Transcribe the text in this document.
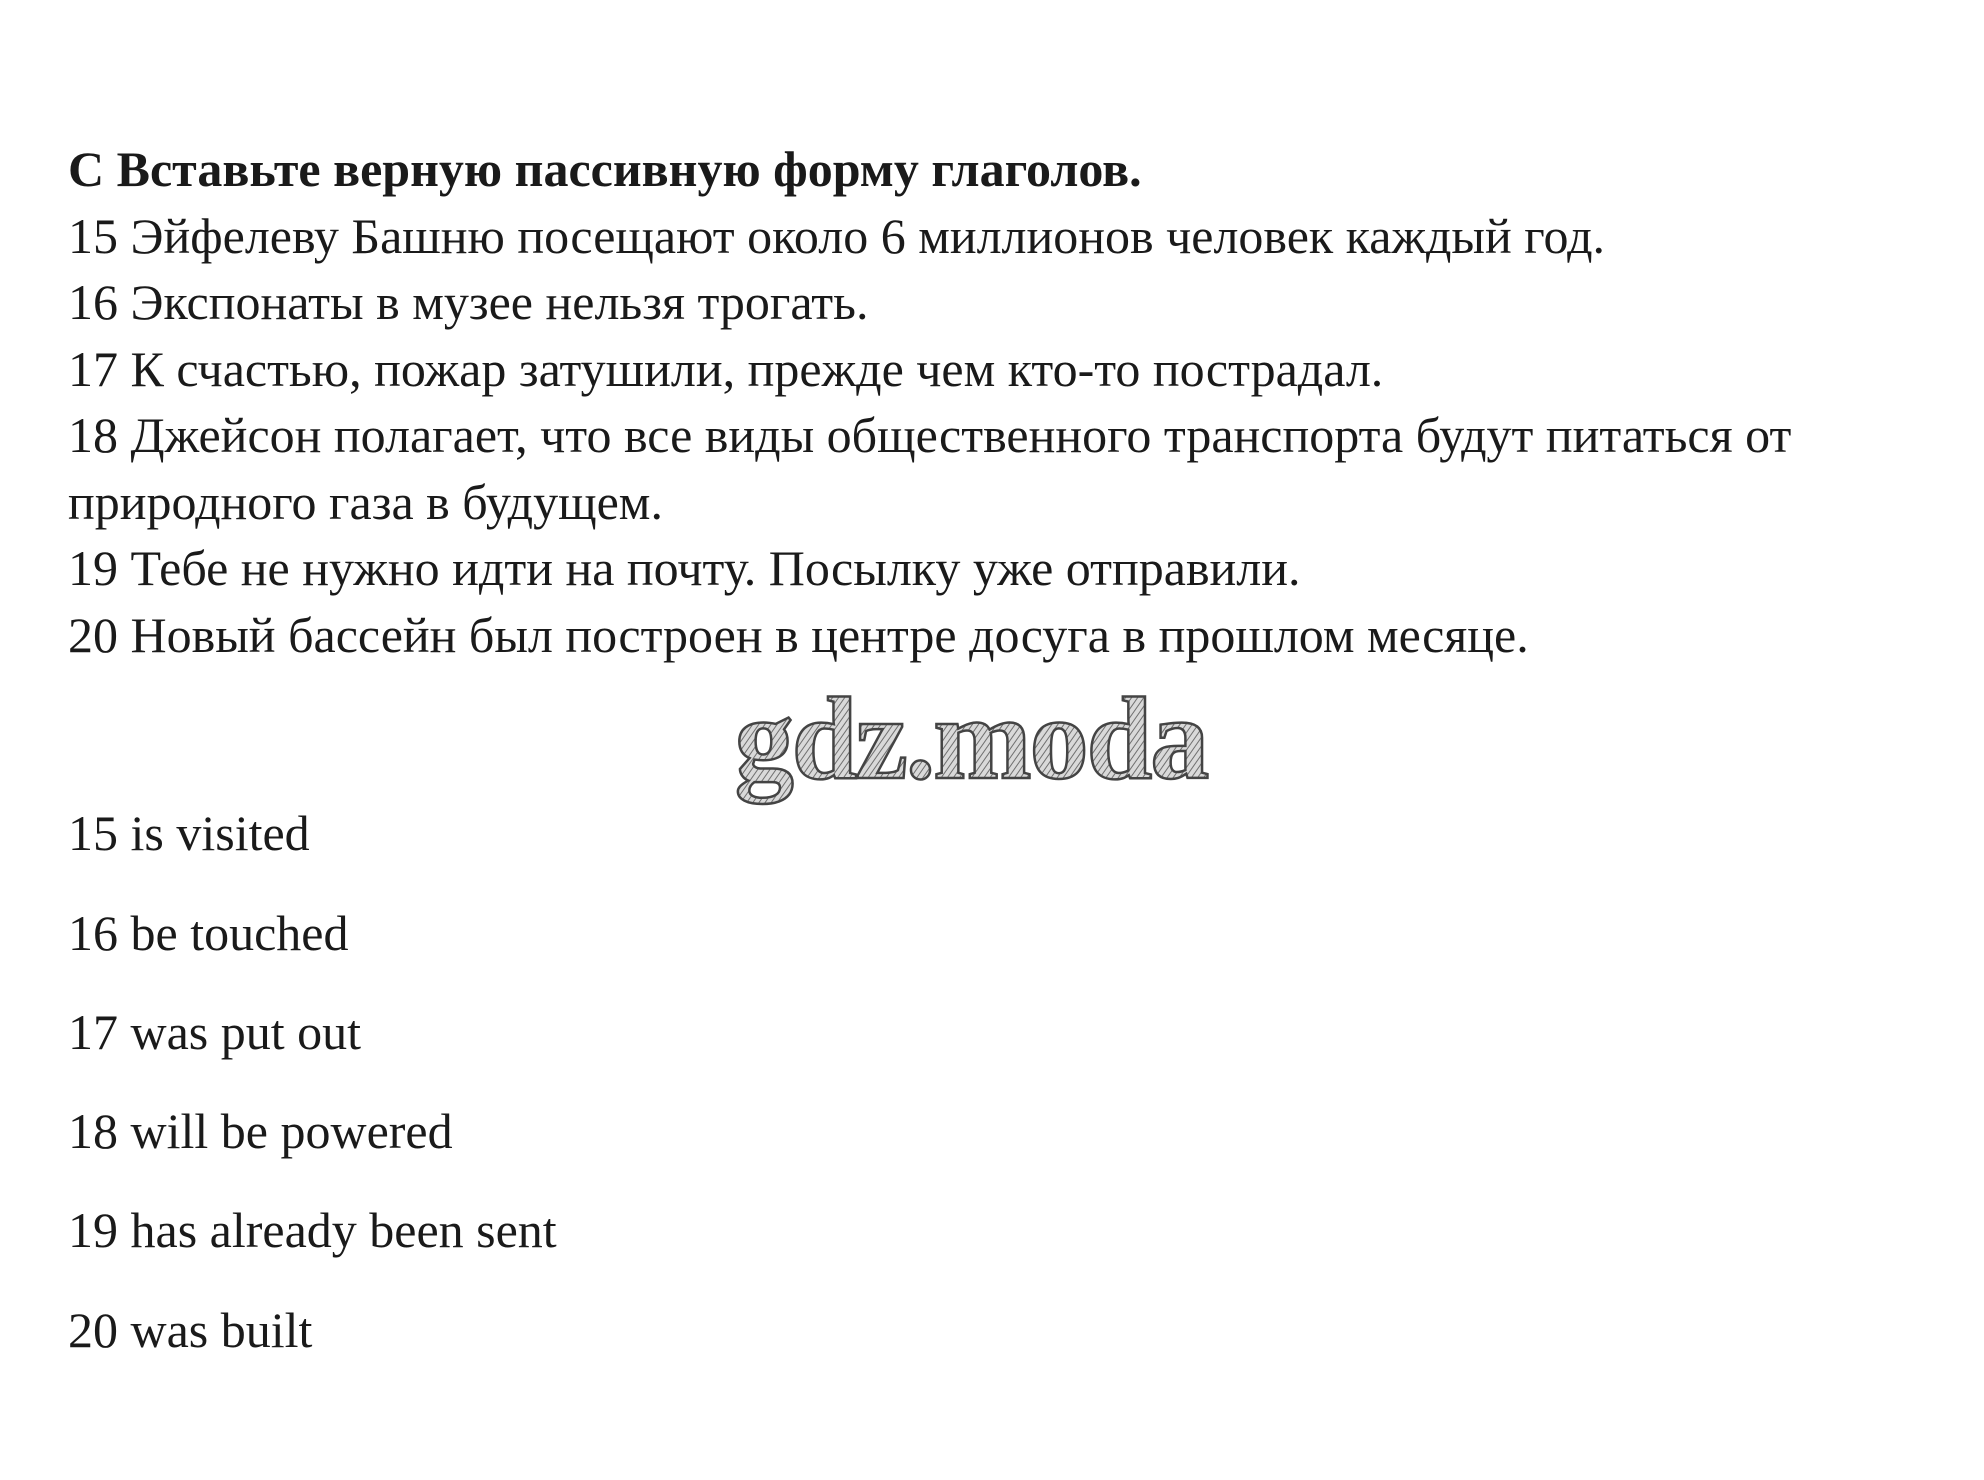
С Вставьте верную пассивную форму глаголов.

15 Эйфелеву Башню посещают около 6 миллионов человек каждый год.

16 Экспонаты в музее нельзя трогать.

17 К счастью, пожар затушили, прежде чем кто-то пострадал.

18 Джейсон полагает, что все виды общественного транспорта будут питаться от природного газа в будущем.

19 Тебе не нужно идти на почту. Посылку уже отправили.

20 Новый бассейн был построен в центре досуга в прошлом месяце.

gdz.moda
15 is visited
16 be touched
17 was put out
18 will be powered
19 has already been sent
20 was built
